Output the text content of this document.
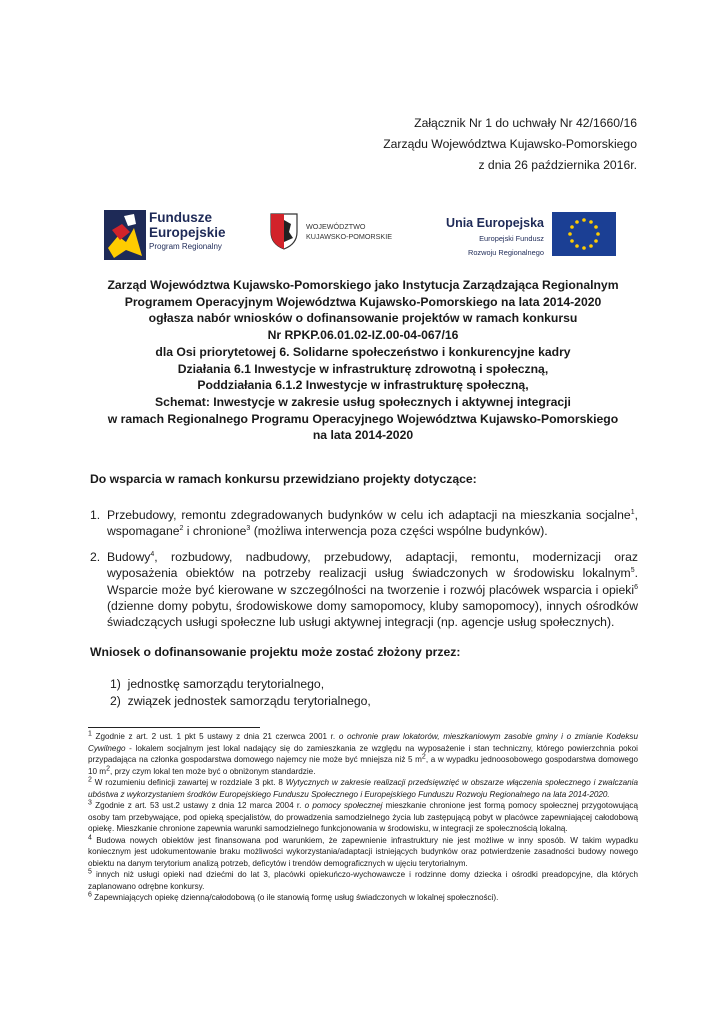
Załącznik Nr 1 do uchwały Nr 42/1660/16
Zarządu Województwa Kujawsko-Pomorskiego
z dnia 26 października 2016r.
Fundusze
Europejskie
Program Regionalny
WOJEWÓDZTWO
KUJAWSKO-POMORSKIE
Unia Europejska
Europejski Fundusz
Rozwoju Regionalnego
Zarząd Województwa Kujawsko-Pomorskiego jako Instytucja Zarządzająca Regionalnym
Programem Operacyjnym Województwa Kujawsko-Pomorskiego na lata 2014-2020
ogłasza nabór wniosków o dofinansowanie projektów w ramach konkursu
Nr RPKP.06.01.02-IZ.00-04-067/16
dla Osi priorytetowej 6. Solidarne społeczeństwo i konkurencyjne kadry
Działania 6.1 Inwestycje w infrastrukturę zdrowotną i społeczną,
Poddziałania 6.1.2 Inwestycje w infrastrukturę społeczną,
Schemat: Inwestycje w zakresie usług społecznych i aktywnej integracji
w ramach Regionalnego Programu Operacyjnego Województwa Kujawsko-Pomorskiego
na lata 2014-2020
Do wsparcia w ramach konkursu przewidziano projekty dotyczące:
1. Przebudowy, remontu zdegradowanych budynków w celu ich adaptacji na mieszkania socjalne$^1$, wspomagane$^2$ i chronione$^3$ (możliwa interwencja poza części wspólne budynków).
2. Budowy$^4$, rozbudowy, nadbudowy, przebudowy, adaptacji, remontu, modernizacji oraz wyposażenia obiektów na potrzeby realizacji usług świadczonych w środowisku lokalnym$^5$. Wsparcie może być kierowane w szczególności na tworzenie i rozwój placówek wsparcia i opieki$^6$ (dzienne domy pobytu, środowiskowe domy samopomocy, kluby samopomocy), innych ośrodków świadczących usługi społeczne lub usługi aktywnej integracji (np. agencje usług społecznych).
Wniosek o dofinansowanie projektu może zostać złożony przez:
1) jednostkę samorządu terytorialnego,
2) związek jednostek samorządu terytorialnego,

$^1$ Zgodnie z art. 2 ust. 1 pkt 5 ustawy z dnia 21 czerwca 2001 r. o ochronie praw lokatorów, mieszkaniowym zasobie gminy i o zmianie Kodeksu Cywilnego - lokalem socjalnym jest lokal nadający się do zamieszkania ze względu na wyposażenie i stan techniczny, którego powierzchnia pokoi przypadająca na członka gospodarstwa domowego najemcy nie może być mniejsza niż 5 $m^2$, a w wypadku jednoosobowego gospodarstwa domowego 10 $m^2$, przy czym lokal ten może być o obniżonym standardzie.

$^2$ W rozumieniu definicji zawartej w rozdziale 3 pkt. 8 Wytycznych w zakresie realizacji przedsięwzięć w obszarze włączenia społecznego i zwalczania ubóstwa z wykorzystaniem środków Europejskiego Funduszu Społecznego i Europejskiego Funduszu Rozwoju Regionalnego na lata 2014-2020.

$^3$ Zgodnie z art. 53 ust.2 ustawy z dnia 12 marca 2004 r. o pomocy społecznej mieszkanie chronione jest formą pomocy społecznej przygotowującą osoby tam przebywające, pod opieką specjalistów, do prowadzenia samodzielnego życia lub zastępującą pobyt w placówce zapewniającej całodobową opiekę. Mieszkanie chronione zapewnia warunki samodzielnego funkcjonowania w środowisku, w integracji ze społecznością lokalną.

$^4$ Budowa nowych obiektów jest finansowana pod warunkiem, że zapewnienie infrastruktury nie jest możliwe w inny sposób. W takim wypadku koniecznym jest udokumentowanie braku możliwości wykorzystania/adaptacji istniejących budynków oraz potwierdzenie zasadności budowy nowego obiektu na danym terytorium analizą potrzeb, deficytów i trendów demograficznych w ujęciu terytorialnym.

$^5$ innych niż usługi opieki nad dziećmi do lat 3, placówki opiekuńczo-wychowawcze i rodzinne domy dziecka i ośrodki preadopcyjne, dla których zaplanowano odrębne konkursy.

$^6$ Zapewniających opiekę dzienną/całodobową (o ile stanowią formę usług świadczonych w lokalnej społeczności).
